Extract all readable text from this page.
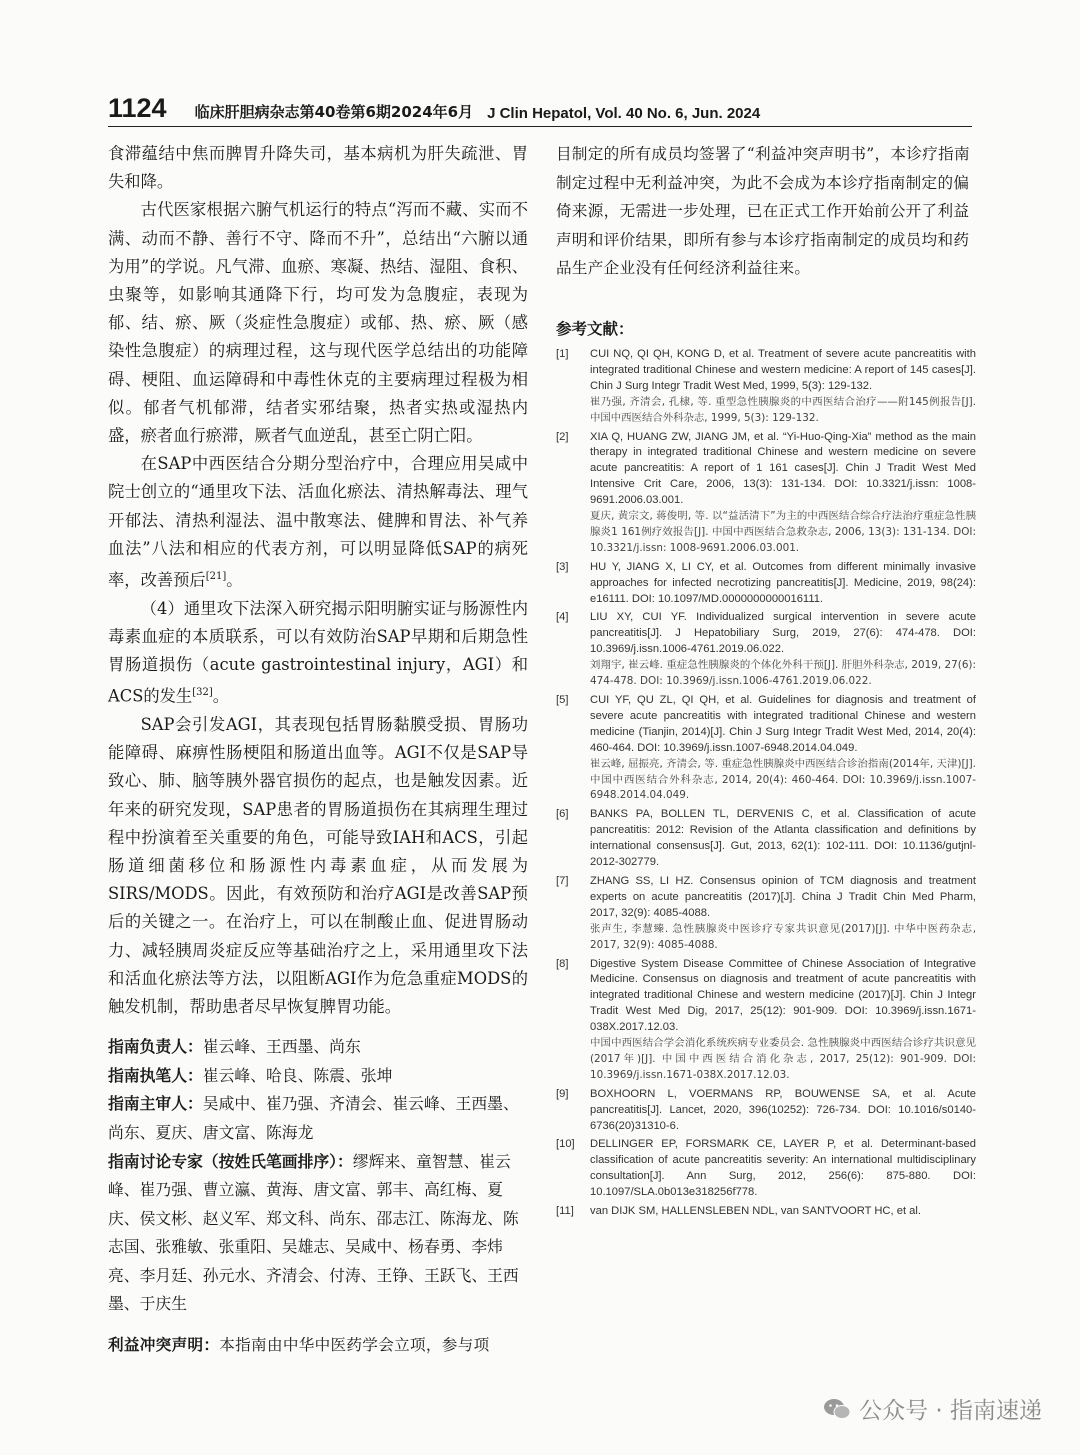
1124 临床肝胆病杂志第40卷第6期2024年6月 J Clin Hepatol, Vol. 40 No. 6, Jun. 2024

食滞蕴结中焦而脾胃升降失司，基本病机为肝失疏泄、胃失和降。

古代医家根据六腑气机运行的特点“泻而不藏、实而不满、动而不静、善行不守、降而不升”，总结出“六腑以通为用”的学说。凡气滞、血瘀、寒凝、热结、湿阻、食积、虫聚等，如影响其通降下行，均可发为急腹症，表现为郁、结、瘀、厥（炎症性急腹症）或郁、热、瘀、厥（感染性急腹症）的病理过程，这与现代医学总结出的功能障碍、梗阻、血运障碍和中毒性休克的主要病理过程极为相似。郁者气机郁滞，结者实邪结聚，热者实热或湿热内盛，瘀者血行瘀滞，厥者气血逆乱，甚至亡阴亡阳。

在SAP中西医结合分期分型治疗中，合理应用吴咸中院士创立的“通里攻下法、活血化瘀法、清热解毒法、理气开郁法、清热利湿法、温中散寒法、健脾和胃法、补气养血法”八法和相应的代表方剂，可以明显降低SAP的病死率，改善预后[21]。

（4）通里攻下法深入研究揭示阳明腑实证与肠源性内毒素血症的本质联系，可以有效防治SAP早期和后期急性胃肠道损伤（acute gastrointestinal injury，AGI）和ACS的发生[32]。

SAP会引发AGI，其表现包括胃肠黏膜受损、胃肠功能障碍、麻痹性肠梗阻和肠道出血等。AGI不仅是SAP导致心、肺、脑等胰外器官损伤的起点，也是触发因素。近年来的研究发现，SAP患者的胃肠道损伤在其病理生理过程中扮演着至关重要的角色，可能导致IAH和ACS，引起肠道细菌移位和肠源性内毒素血症，从而发展为SIRS/MODS。因此，有效预防和治疗AGI是改善SAP预后的关键之一。在治疗上，可以在制酸止血、促进胃肠动力、减轻胰周炎症反应等基础治疗之上，采用通里攻下法和活血化瘀法等方法，以阻断AGI作为危急重症MODS的触发机制，帮助患者尽早恢复脾胃功能。

指南负责人：崔云峰、王西墨、尚东

指南执笔人：崔云峰、哈良、陈震、张坤

指南主审人：吴咸中、崔乃强、齐清会、崔云峰、王西墨、尚东、夏庆、唐文富、陈海龙

指南讨论专家（按姓氏笔画排序）：缪辉来、童智慧、崔云峰、崔乃强、曹立瀛、黄海、唐文富、郭丰、高红梅、夏庆、侯文彬、赵义军、郑文科、尚东、邵志江、陈海龙、陈志国、张雅敏、张重阳、吴雄志、吴咸中、杨春勇、李炜亮、李月廷、孙元水、齐清会、付涛、王铮、王跃飞、王西墨、于庆生

利益冲突声明：本指南由中华中医药学会立项，参与项

目制定的所有成员均签署了“利益冲突声明书”，本诊疗指南制定过程中无利益冲突，为此不会成为本诊疗指南制定的偏倚来源，无需进一步处理，已在正式工作开始前公开了利益声明和评价结果，即所有参与本诊疗指南制定的成员均和药品生产企业没有任何经济利益往来。

参考文献：
[1]	CUI NQ, QI QH, KONG D, et al. Treatment of severe acute pancreatitis with integrated traditional Chinese and western medicine: A report of 145 cases[J]. Chin J Surg Integr Tradit West Med, 1999, 5(3): 129-132.
崔乃强, 齐清会, 孔棣, 等. 重型急性胰腺炎的中西医结合治疗——附145例报告[J]. 中国中西医结合外科杂志, 1999, 5(3): 129-132.
[2]	XIA Q, HUANG ZW, JIANG JM, et al. “Yi-Huo-Qing-Xia” method as the main therapy in integrated traditional Chinese and western medicine on severe acute pancreatitis: A report of 1 161 cases[J]. Chin J Tradit West Med Intensive Crit Care, 2006, 13(3): 131-134. DOI: 10.3321/j.issn: 1008-9691.2006.03.001.
夏庆, 黄宗文, 蒋俊明, 等. 以“益活清下”为主的中西医结合综合疗法治疗重症急性胰腺炎1 161例疗效报告[J]. 中国中西医结合急救杂志, 2006, 13(3): 131-134. DOI: 10.3321/j.issn: 1008-9691.2006.03.001.
[3]	HU Y, JIANG X, LI CY, et al. Outcomes from different minimally invasive approaches for infected necrotizing pancreatitis[J]. Medicine, 2019, 98(24): e16111. DOI: 10.1097/MD.0000000000016111.
[4]	LIU XY, CUI YF. Individualized surgical intervention in severe acute pancreatitis[J]. J Hepatobiliary Surg, 2019, 27(6): 474-478. DOI: 10.3969/j.issn.1006-4761.2019.06.022.
刘翔宇, 崔云峰. 重症急性胰腺炎的个体化外科干预[J]. 肝胆外科杂志, 2019, 27(6): 474-478. DOI: 10.3969/j.issn.1006-4761.2019.06.022.
[5]	CUI YF, QU ZL, QI QH, et al. Guidelines for diagnosis and treatment of severe acute pancreatitis with integrated traditional Chinese and western medicine (Tianjin, 2014)[J]. Chin J Surg Integr Tradit West Med, 2014, 20(4): 460-464. DOI: 10.3969/j.issn.1007-6948.2014.04.049.
崔云峰, 屈振亮, 齐清会, 等. 重症急性胰腺炎中西医结合诊治指南(2014年, 天津)[J]. 中国中西医结合外科杂志, 2014, 20(4): 460-464. DOI: 10.3969/j.issn.1007-6948.2014.04.049.
[6]	BANKS PA, BOLLEN TL, DERVENIS C, et al. Classification of acute pancreatitis: 2012: Revision of the Atlanta classification and definitions by international consensus[J]. Gut, 2013, 62(1): 102-111. DOI: 10.1136/gutjnl-2012-302779.
[7]	ZHANG SS, LI HZ. Consensus opinion of TCM diagnosis and treatment experts on acute pancreatitis (2017)[J]. China J Tradit Chin Med Pharm, 2017, 32(9): 4085-4088.
张声生, 李慧臻. 急性胰腺炎中医诊疗专家共识意见(2017)[J]. 中华中医药杂志, 2017, 32(9): 4085-4088.
[8]	Digestive System Disease Committee of Chinese Association of Integrative Medicine. Consensus on diagnosis and treatment of acute pancreatitis with integrated traditional Chinese and western medicine (2017)[J]. Chin J Integr Tradit West Med Dig, 2017, 25(12): 901-909. DOI: 10.3969/j.issn.1671-038X.2017.12.03.
中国中西医结合学会消化系统疾病专业委员会. 急性胰腺炎中西医结合诊疗共识意见(2017年)[J]. 中国中西医结合消化杂志, 2017, 25(12): 901-909. DOI: 10.3969/j.issn.1671-038X.2017.12.03.
[9]	BOXHOORN L, VOERMANS RP, BOUWENSE SA, et al. Acute pancreatitis[J]. Lancet, 2020, 396(10252): 726-734. DOI: 10.1016/s0140-6736(20)31310-6.
[10]	DELLINGER EP, FORSMARK CE, LAYER P, et al. Determinant-based classification of acute pancreatitis severity: An international multidisciplinary consultation[J]. Ann Surg, 2012, 256(6): 875-880. DOI: 10.1097/SLA.0b013e318256f778.
[11]	van DIJK SM, HALLENSLEBEN NDL, van SANTVOORT HC, et al.
公众号 · 指南速递
